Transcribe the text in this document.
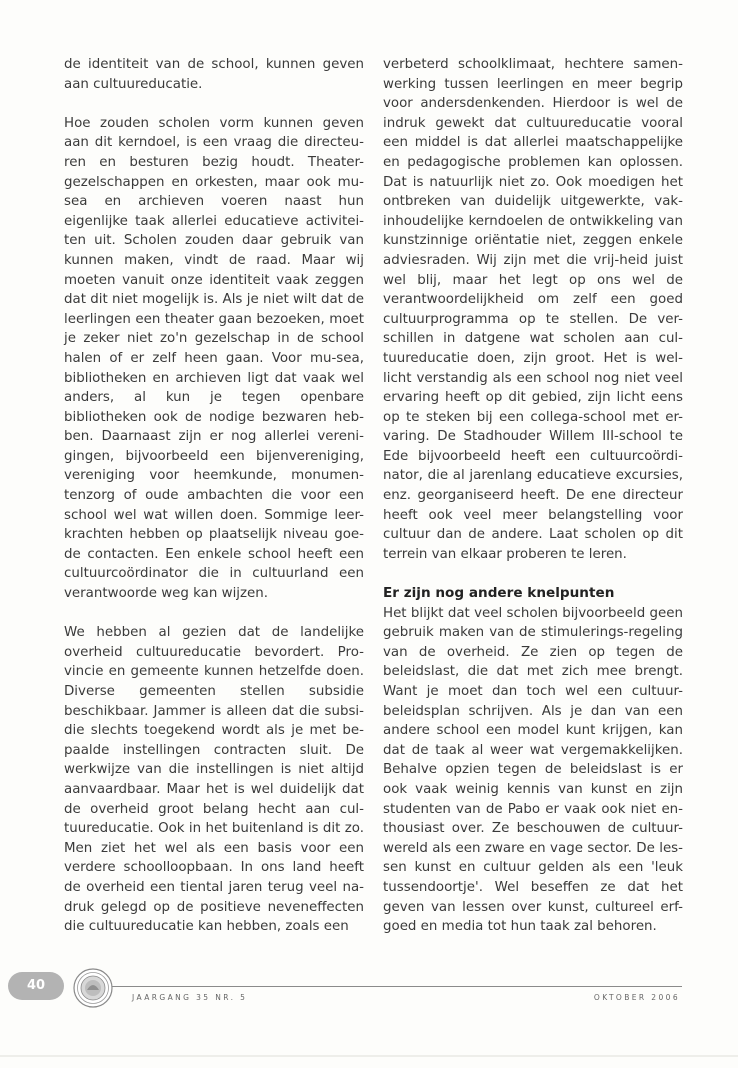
de identiteit van de school, kunnen geven aan cultuureducatie.

Hoe zouden scholen vorm kunnen geven aan dit kerndoel, is een vraag die directeu-ren en besturen bezig houdt. Theater-gezelschappen en orkesten, maar ook mu-sea en archieven voeren naast hun eigenlijke taak allerlei educatieve activitei-ten uit. Scholen zouden daar gebruik van kunnen maken, vindt de raad. Maar wij moeten vanuit onze identiteit vaak zeggen dat dit niet mogelijk is. Als je niet wilt dat de leerlingen een theater gaan bezoeken, moet je zeker niet zo'n gezelschap in de school halen of er zelf heen gaan. Voor mu-sea, bibliotheken en archieven ligt dat vaak wel anders, al kun je tegen openbare bibliotheken ook de nodige bezwaren heb-ben. Daarnaast zijn er nog allerlei vereni-gingen, bijvoorbeeld een bijenvereniging, vereniging voor heemkunde, monumen-tenzorg of oude ambachten die voor een school wel wat willen doen. Sommige leer-krachten hebben op plaatselijk niveau goe-de contacten. Een enkele school heeft een cultuurcoördinator die in cultuurland een verantwoorde weg kan wijzen.

We hebben al gezien dat de landelijke overheid cultuureducatie bevordert. Pro-vincie en gemeente kunnen hetzelfde doen. Diverse gemeenten stellen subsidie beschikbaar. Jammer is alleen dat die subsi-die slechts toegekend wordt als je met be-paalde instellingen contracten sluit. De werkwijze van die instellingen is niet altijd aanvaardbaar. Maar het is wel duidelijk dat de overheid groot belang hecht aan cul-tuureducatie. Ook in het buitenland is dit zo. Men ziet het wel als een basis voor een verdere schoolloopbaan. In ons land heeft de overheid een tiental jaren terug veel na-druk gelegd op de positieve neveneffecten die cultuureducatie kan hebben, zoals een

verbeterd schoolklimaat, hechtere samen-werking tussen leerlingen en meer begrip voor andersdenkenden. Hierdoor is wel de indruk gewekt dat cultuureducatie vooral een middel is dat allerlei maatschappelijke en pedagogische problemen kan oplossen. Dat is natuurlijk niet zo. Ook moedigen het ontbreken van duidelijk uitgewerkte, vak-inhoudelijke kerndoelen de ontwikkeling van kunstzinnige oriëntatie niet, zeggen enkele adviesraden. Wij zijn met die vrij-heid juist wel blij, maar het legt op ons wel de verantwoordelijkheid om zelf een goed cultuurprogramma op te stellen. De ver-schillen in datgene wat scholen aan cul-tuureducatie doen, zijn groot. Het is wel-licht verstandig als een school nog niet veel ervaring heeft op dit gebied, zijn licht eens op te steken bij een collega-school met er-varing. De Stadhouder Willem III-school te Ede bijvoorbeeld heeft een cultuurcoördi-nator, die al jarenlang educatieve excursies, enz. georganiseerd heeft. De ene directeur heeft ook veel meer belangstelling voor cultuur dan de andere. Laat scholen op dit terrein van elkaar proberen te leren.

Er zijn nog andere knelpunten

Het blijkt dat veel scholen bijvoorbeeld geen gebruik maken van de stimulerings-regeling van de overheid. Ze zien op tegen de beleidslast, die dat met zich mee brengt. Want je moet dan toch wel een cultuur-beleidsplan schrijven. Als je dan van een andere school een model kunt krijgen, kan dat de taak al weer wat vergemakkelijken. Behalve opzien tegen de beleidslast is er ook vaak weinig kennis van kunst en zijn studenten van de Pabo er vaak ook niet en-thousiast over. Ze beschouwen de cultuur-wereld als een zware en vage sector. De les-sen kunst en cultuur gelden als een 'leuk tussendoortje'. Wel beseffen ze dat het geven van lessen over kunst, cultureel erf-goed en media tot hun taak zal behoren.

40
JAARGANG 35 NR. 5	OKTOBER 2006
